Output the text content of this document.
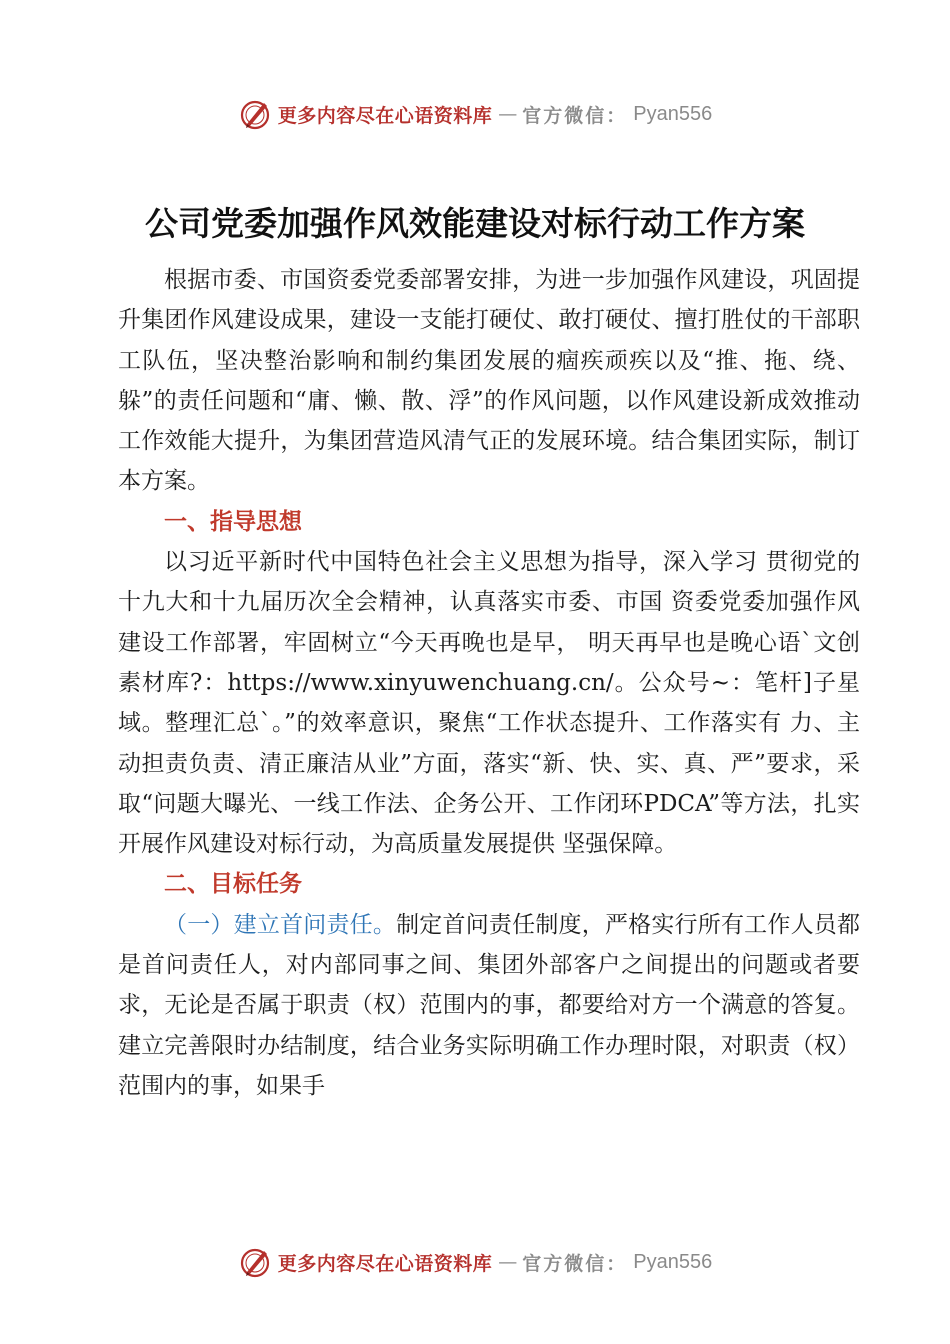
更多内容尽在心语资料库 — 官方微信： Pyan556
公司党委加强作风效能建设对标行动工作方案

根据市委、市国资委党委部署安排，为进一步加强作风建设，巩固提升集团作风建设成果，建设一支能打硬仗、敢打硬仗、擅打胜仗的干部职工队伍，坚决整治影响和制约集团发展的痼疾顽疾以及“推、拖、绕、躲”的责任问题和“庸、懒、散、浮”的作风问题，以作风建设新成效推动工作效能大提升，为集团营造风清气正的发展环境。结合集团实际，制订本方案。

一、指导思想

以习近平新时代中国特色社会主义思想为指导，深入学习 贯彻党的十九大和十九届历次全会精神，认真落实市委、市国 资委党委加强作风建设工作部署，牢固树立“今天再晚也是早， 明天再早也是晚心语`文创素材库?：https://www.xinyuwenchuang.cn/。公众号~：笔杆]子星域。整理汇总`。”的效率意识，聚焦“工作状态提升、工作落实有 力、主动担责负责、清正廉洁从业”方面，落实“新、快、实、真、严”要求，采取“问题大曝光、一线工作法、企务公开、工作闭环PDCA”等方法，扎实开展作风建设对标行动，为高质量发展提供 坚强保障。

二、目标任务

（一）建立首问责任。制定首问责任制度，严格实行所有工作人员都是首问责任人，对内部同事之间、集团外部客户之间提出的问题或者要求，无论是否属于职责（权）范围内的事，都要给对方一个满意的答复。建立完善限时办结制度，结合业务实际明确工作办理时限，对职责（权）范围内的事，如果手

更多内容尽在心语资料库 — 官方微信： Pyan556
